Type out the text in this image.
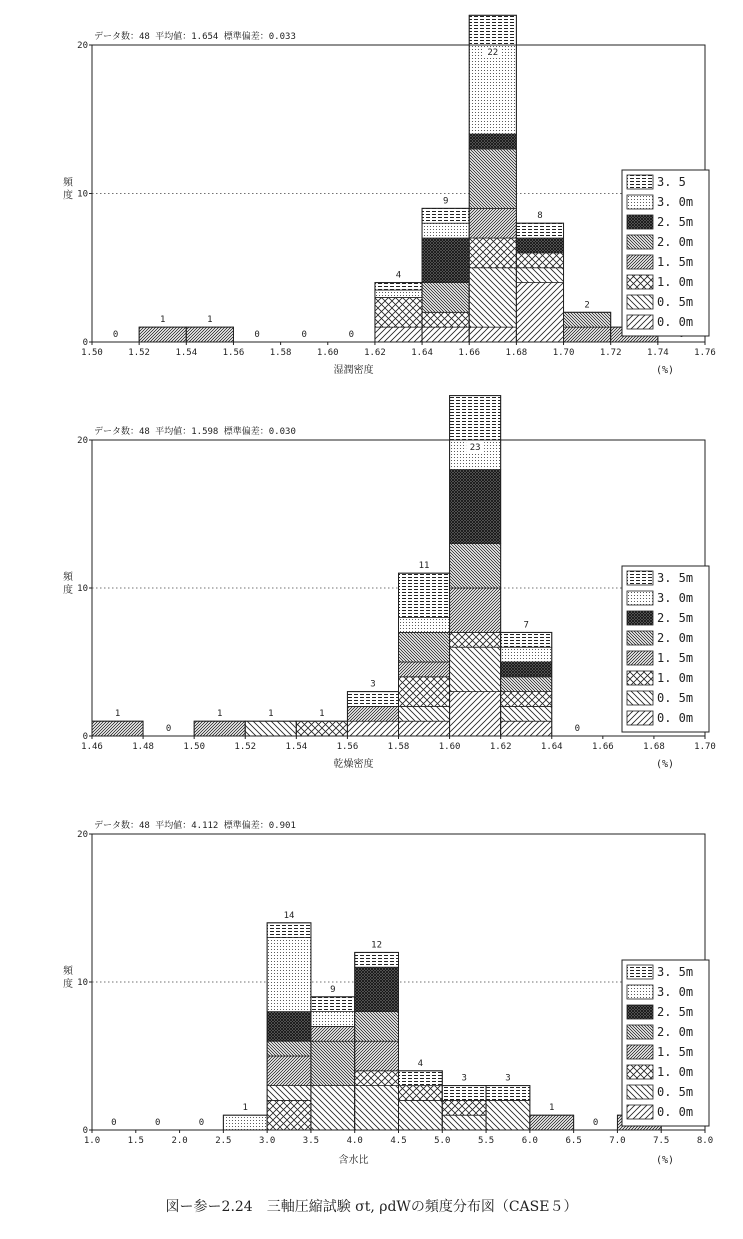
データ数：48 平均値：1.654 標準偏差：0.033
0
10
20
頻
度
1.50	1.52	1.54	1.56	1.58	1.60	1.62	1.64	1.66	1.68	1.70	1.72	1.74	1.76
湿潤密度	(%)
0
1	1
0	0	0
4
9
22
8
2
3. 5
3. 0m
2. 5m
2. 0m
1. 5m
1. 0m
0. 5m
0. 0m
データ数：48 平均値：1.598 標準偏差：0.030
0
10
20
頻
度
1.46	1.48	1.50	1.52	1.54	1.56	1.58	1.60	1.62	1.64	1.66	1.68	1.70
乾燥密度	(%)
1
0
1	1	1
3
11
23
7
0
3. 5m
3. 0m
2. 5m
2. 0m
1. 5m
1. 0m
0. 5m
0. 0m
データ数：48 平均値：4.112 標準偏差：0.901
0
10
20
頻
度
1.0	1.5	2.0	2.5	3.0	3.5	4.0	4.5	5.0	5.5	6.0	6.5	7.0	7.5	8.0
含水比	(%)
0	0	0
1
14
9
12
4
3	3
1
0
3. 5m
3. 0m
2. 5m
2. 0m
1. 5m
1. 0m
0. 5m
0. 0m
図ー参ー2.24　三軸圧縮試験 σt, ρdWの頻度分布図（CASE５）
